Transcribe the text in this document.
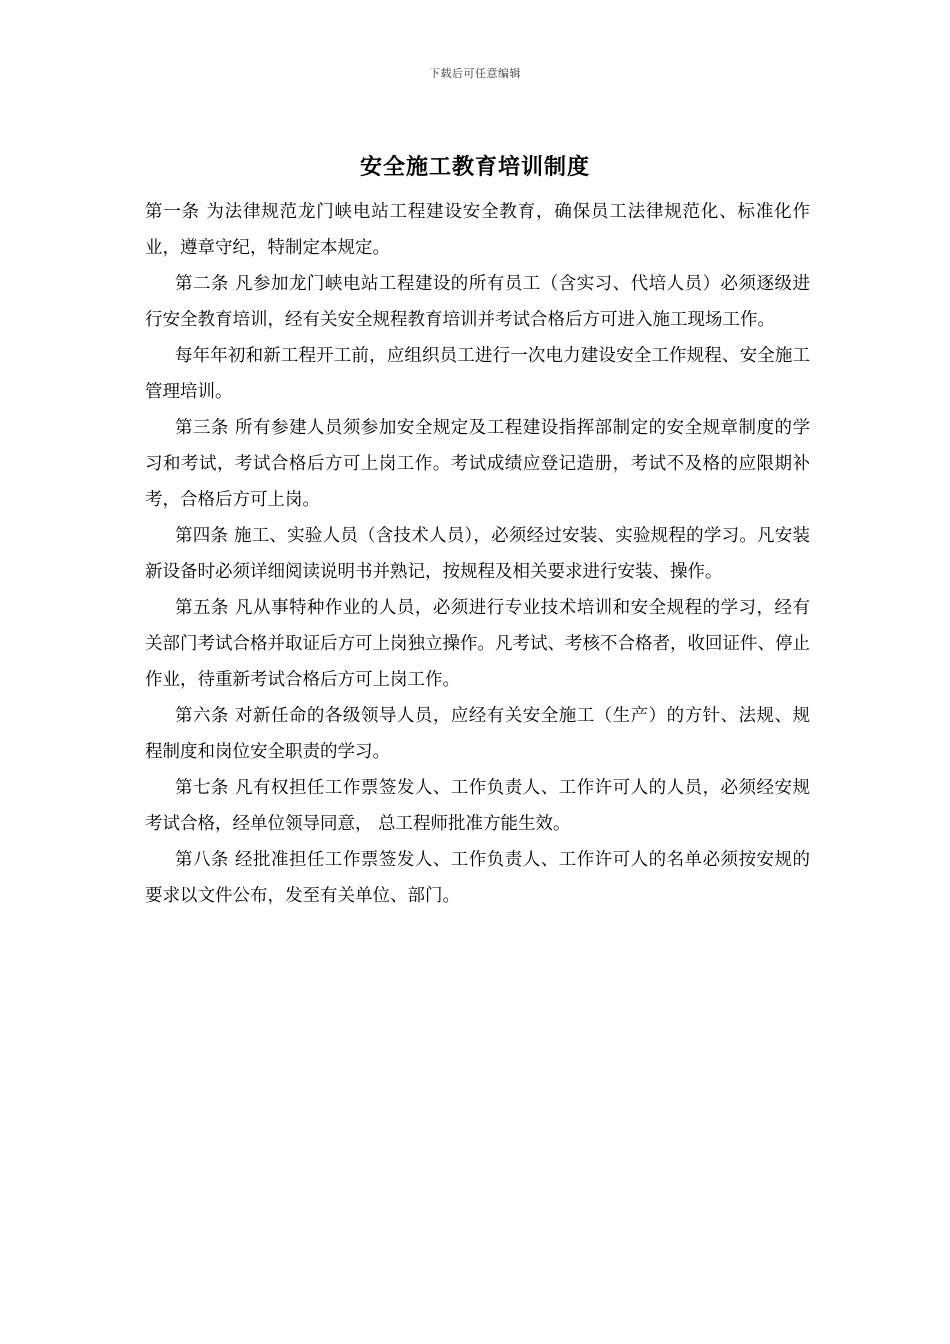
下载后可任意编辑
安全施工教育培训制度

第一条 为法律规范龙门峡电站工程建设安全教育，确保员工法律规范化、标准化作业，遵章守纪，特制定本规定。

第二条 凡参加龙门峡电站工程建设的所有员工（含实习、代培人员）必须逐级进行安全教育培训，经有关安全规程教育培训并考试合格后方可进入施工现场工作。

每年年初和新工程开工前，应组织员工进行一次电力建设安全工作规程、安全施工管理培训。

第三条 所有参建人员须参加安全规定及工程建设指挥部制定的安全规章制度的学习和考试，考试合格后方可上岗工作。考试成绩应登记造册，考试不及格的应限期补考，合格后方可上岗。

第四条 施工、实验人员（含技术人员），必须经过安装、实验规程的学习。凡安装新设备时必须详细阅读说明书并熟记，按规程及相关要求进行安装、操作。

第五条 凡从事特种作业的人员，必须进行专业技术培训和安全规程的学习，经有关部门考试合格并取证后方可上岗独立操作。凡考试、考核不合格者，收回证件、停止作业，待重新考试合格后方可上岗工作。

第六条 对新任命的各级领导人员，应经有关安全施工（生产）的方针、法规、规程制度和岗位安全职责的学习。

第七条 凡有权担任工作票签发人、工作负责人、工作许可人的人员，必须经安规考试合格，经单位领导同意， 总工程师批准方能生效。

第八条 经批准担任工作票签发人、工作负责人、工作许可人的名单必须按安规的要求以文件公布，发至有关单位、部门。
